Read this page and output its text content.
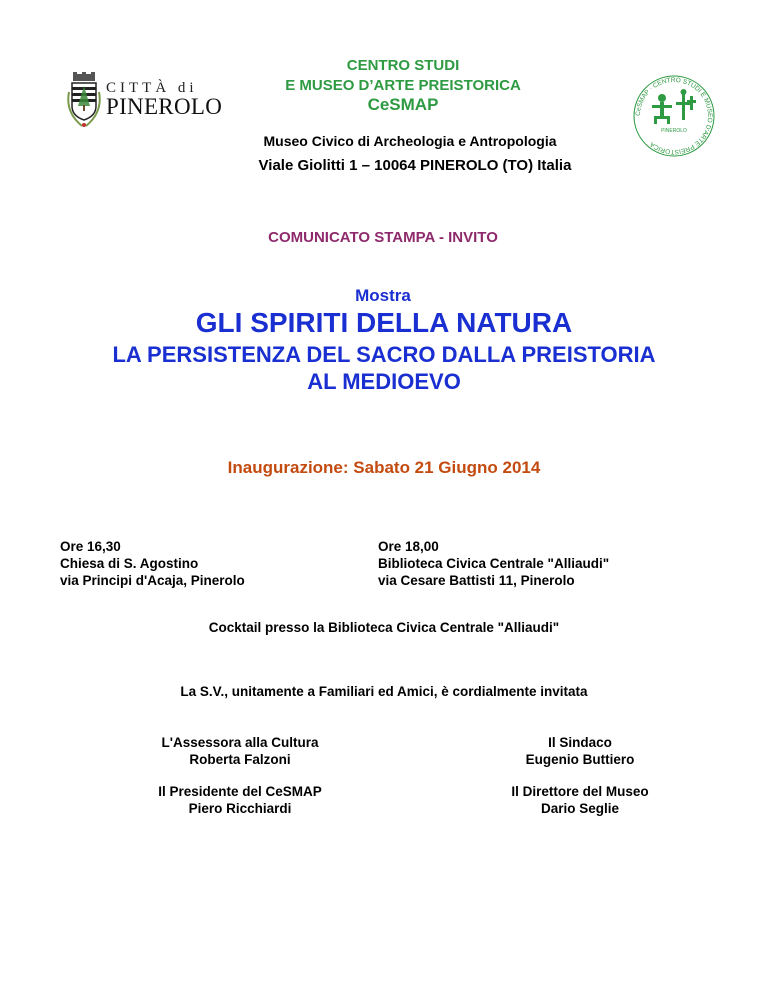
CITTÀ di
PINEROLO	CeSMAP · CENTRO STUDI E MUSEO D'ARTE PREISTORICA
PINEROLO
CENTRO STUDI
E MUSEO D’ARTE PREISTORICA
CeSMAP
Museo Civico di Archeologia e Antropologia
Viale Giolitti 1 – 10064 PINEROLO (TO) Italia
COMUNICATO STAMPA - INVITO
Mostra
GLI SPIRITI DELLA NATURA
LA PERSISTENZA DEL SACRO DALLA PREISTORIA
AL MEDIOEVO
Inaugurazione: Sabato 21 Giugno 2014
Ore 16,30
Chiesa di S. Agostino
via Principi d'Acaja, Pinerolo
Ore 18,00
Biblioteca Civica Centrale "Alliaudi"
via Cesare Battisti 11, Pinerolo
Cocktail presso la Biblioteca Civica Centrale "Alliaudi"
La S.V., unitamente a Familiari ed Amici, è cordialmente invitata
L'Assessora alla Cultura
Roberta Falzoni
Il Sindaco
Eugenio Buttiero
Il Presidente del CeSMAP
Piero Ricchiardi
Il Direttore del Museo
Dario Seglie
